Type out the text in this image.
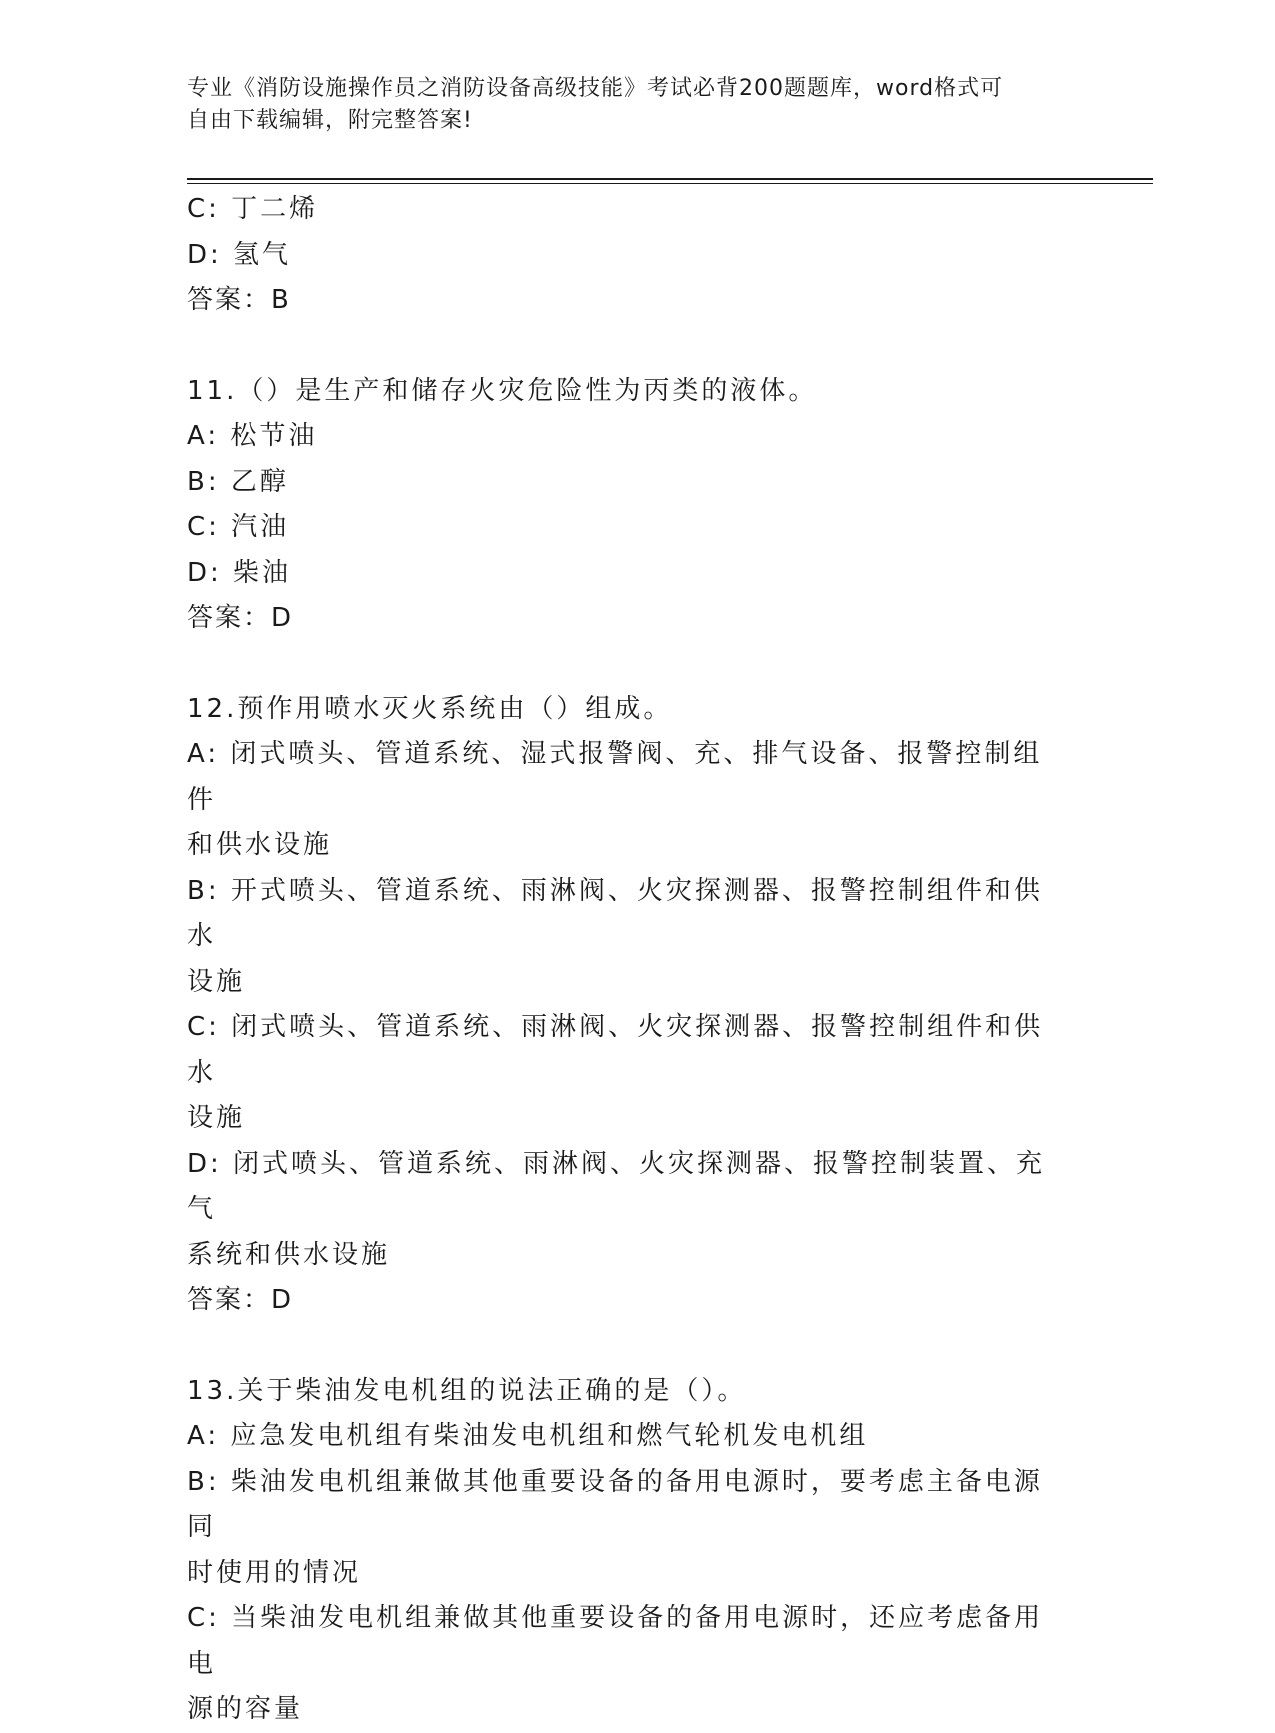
专业《消防设施操作员之消防设备高级技能》考试必背200题题库，word格式可
自由下载编辑，附完整答案!
C: 丁二烯
D: 氢气
答案：B
11.（）是生产和储存火灾危险性为丙类的液体。
A: 松节油
B: 乙醇
C: 汽油
D: 柴油
答案：D
12.预作用喷水灭火系统由（）组成。
A: 闭式喷头、管道系统、湿式报警阀、充、排气设备、报警控制组件
和供水设施
B: 开式喷头、管道系统、雨淋阀、火灾探测器、报警控制组件和供水
设施
C: 闭式喷头、管道系统、雨淋阀、火灾探测器、报警控制组件和供水
设施
D: 闭式喷头、管道系统、雨淋阀、火灾探测器、报警控制装置、充气
系统和供水设施
答案：D
13.关于柴油发电机组的说法正确的是（）。
A: 应急发电机组有柴油发电机组和燃气轮机发电机组
B: 柴油发电机组兼做其他重要设备的备用电源时，要考虑主备电源同
时使用的情况
C: 当柴油发电机组兼做其他重要设备的备用电源时，还应考虑备用电
源的容量
